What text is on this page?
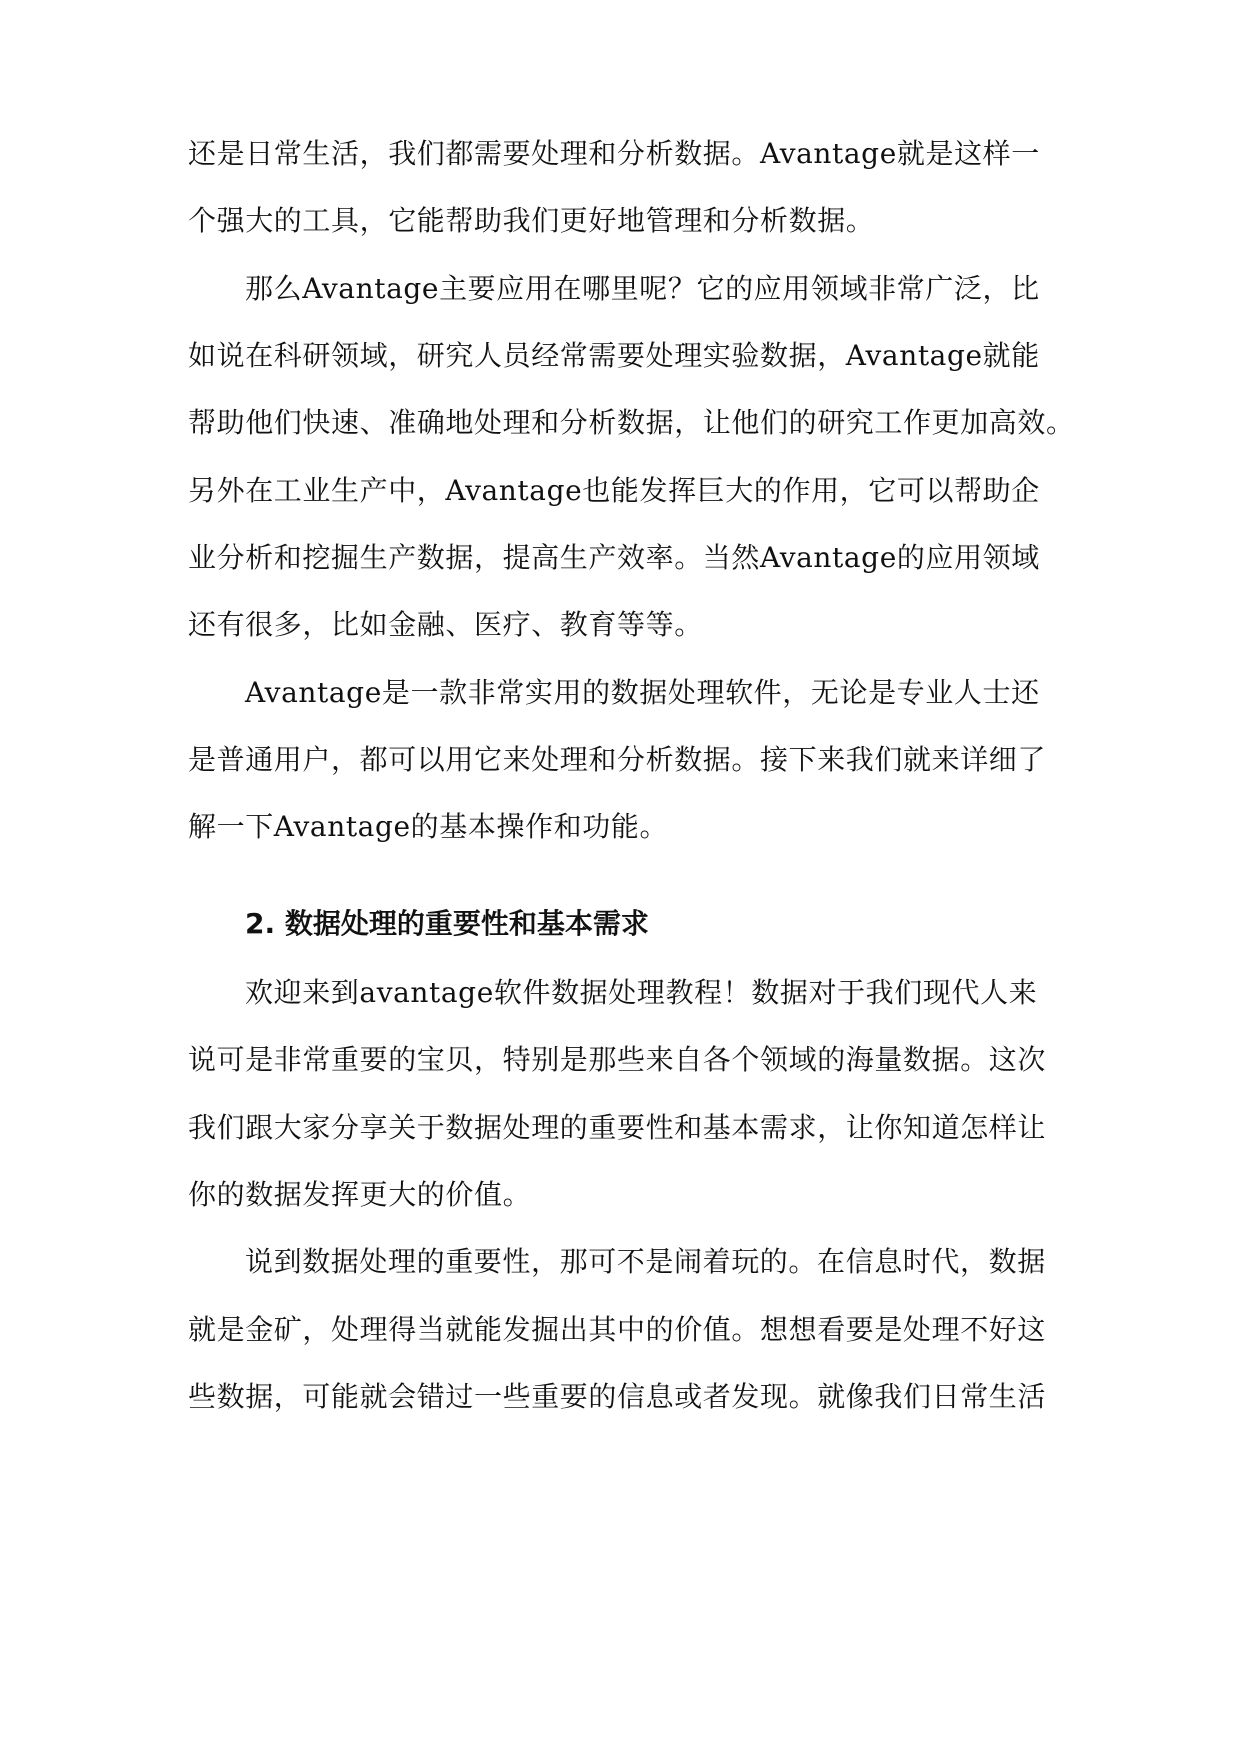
还是日常生活，我们都需要处理和分析数据。Avantage就是这样一

个强大的工具，它能帮助我们更好地管理和分析数据。

那么Avantage主要应用在哪里呢？它的应用领域非常广泛，比

如说在科研领域，研究人员经常需要处理实验数据，Avantage就能

帮助他们快速、准确地处理和分析数据，让他们的研究工作更加高效。

另外在工业生产中，Avantage也能发挥巨大的作用，它可以帮助企

业分析和挖掘生产数据，提高生产效率。当然Avantage的应用领域

还有很多，比如金融、医疗、教育等等。

Avantage是一款非常实用的数据处理软件，无论是专业人士还

是普通用户，都可以用它来处理和分析数据。接下来我们就来详细了

解一下Avantage的基本操作和功能。

2. 数据处理的重要性和基本需求

欢迎来到avantage软件数据处理教程！数据对于我们现代人来

说可是非常重要的宝贝，特别是那些来自各个领域的海量数据。这次

我们跟大家分享关于数据处理的重要性和基本需求，让你知道怎样让

你的数据发挥更大的价值。

说到数据处理的重要性，那可不是闹着玩的。在信息时代，数据

就是金矿，处理得当就能发掘出其中的价值。想想看要是处理不好这

些数据，可能就会错过一些重要的信息或者发现。就像我们日常生活
